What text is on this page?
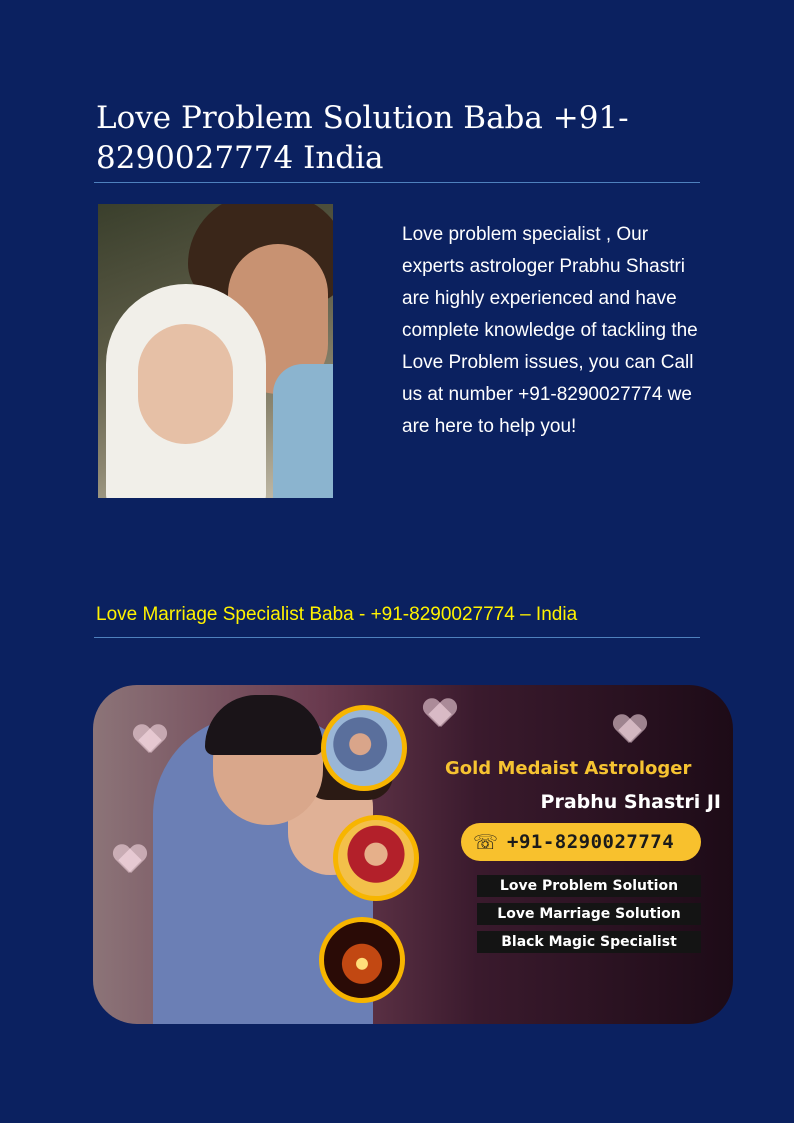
Love Problem Solution Baba +91-8290027774 India

Love problem specialist , Our experts astrologer Prabhu Shastri are highly experienced and have complete knowledge of tackling the Love Problem issues, you can Call us at number +91-8290027774 we are here to help you!

Love Marriage Specialist Baba - +91-8290027774 – India

Gold Medaist Astrologer

Prabhu Shastri JI

☏ +91-8290027774
Love Problem Solution
Love Marriage Solution
Black Magic Specialist
